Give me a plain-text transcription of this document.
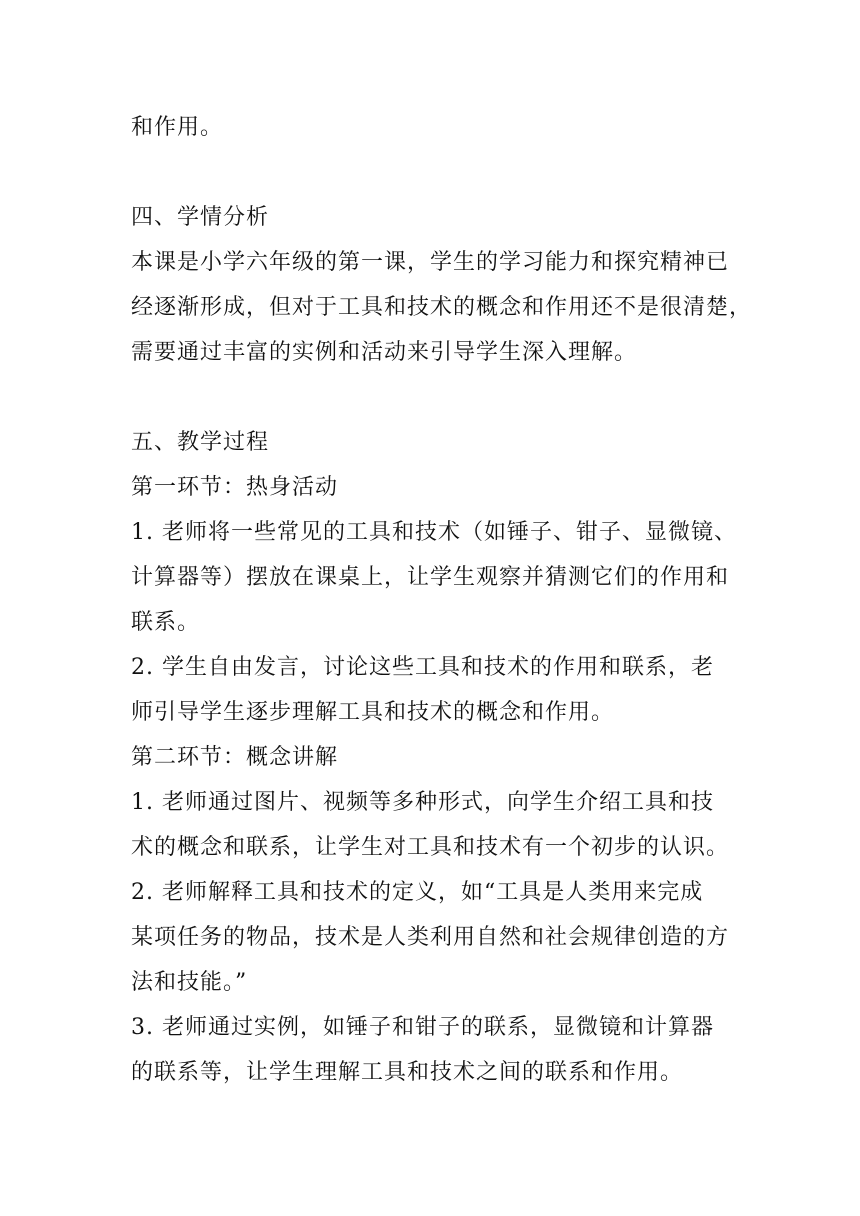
和作用。
四、学情分析
本课是小学六年级的第一课，学生的学习能力和探究精神已
经逐渐形成，但对于工具和技术的概念和作用还不是很清楚，
需要通过丰富的实例和活动来引导学生深入理解。
五、教学过程
第一环节：热身活动
1. 老师将一些常见的工具和技术（如锤子、钳子、显微镜、
计算器等）摆放在课桌上，让学生观察并猜测它们的作用和
联系。
2. 学生自由发言，讨论这些工具和技术的作用和联系，老
师引导学生逐步理解工具和技术的概念和作用。
第二环节：概念讲解
1. 老师通过图片、视频等多种形式，向学生介绍工具和技
术的概念和联系，让学生对工具和技术有一个初步的认识。
2. 老师解释工具和技术的定义，如“工具是人类用来完成
某项任务的物品，技术是人类利用自然和社会规律创造的方
法和技能。”
3. 老师通过实例，如锤子和钳子的联系，显微镜和计算器
的联系等，让学生理解工具和技术之间的联系和作用。
